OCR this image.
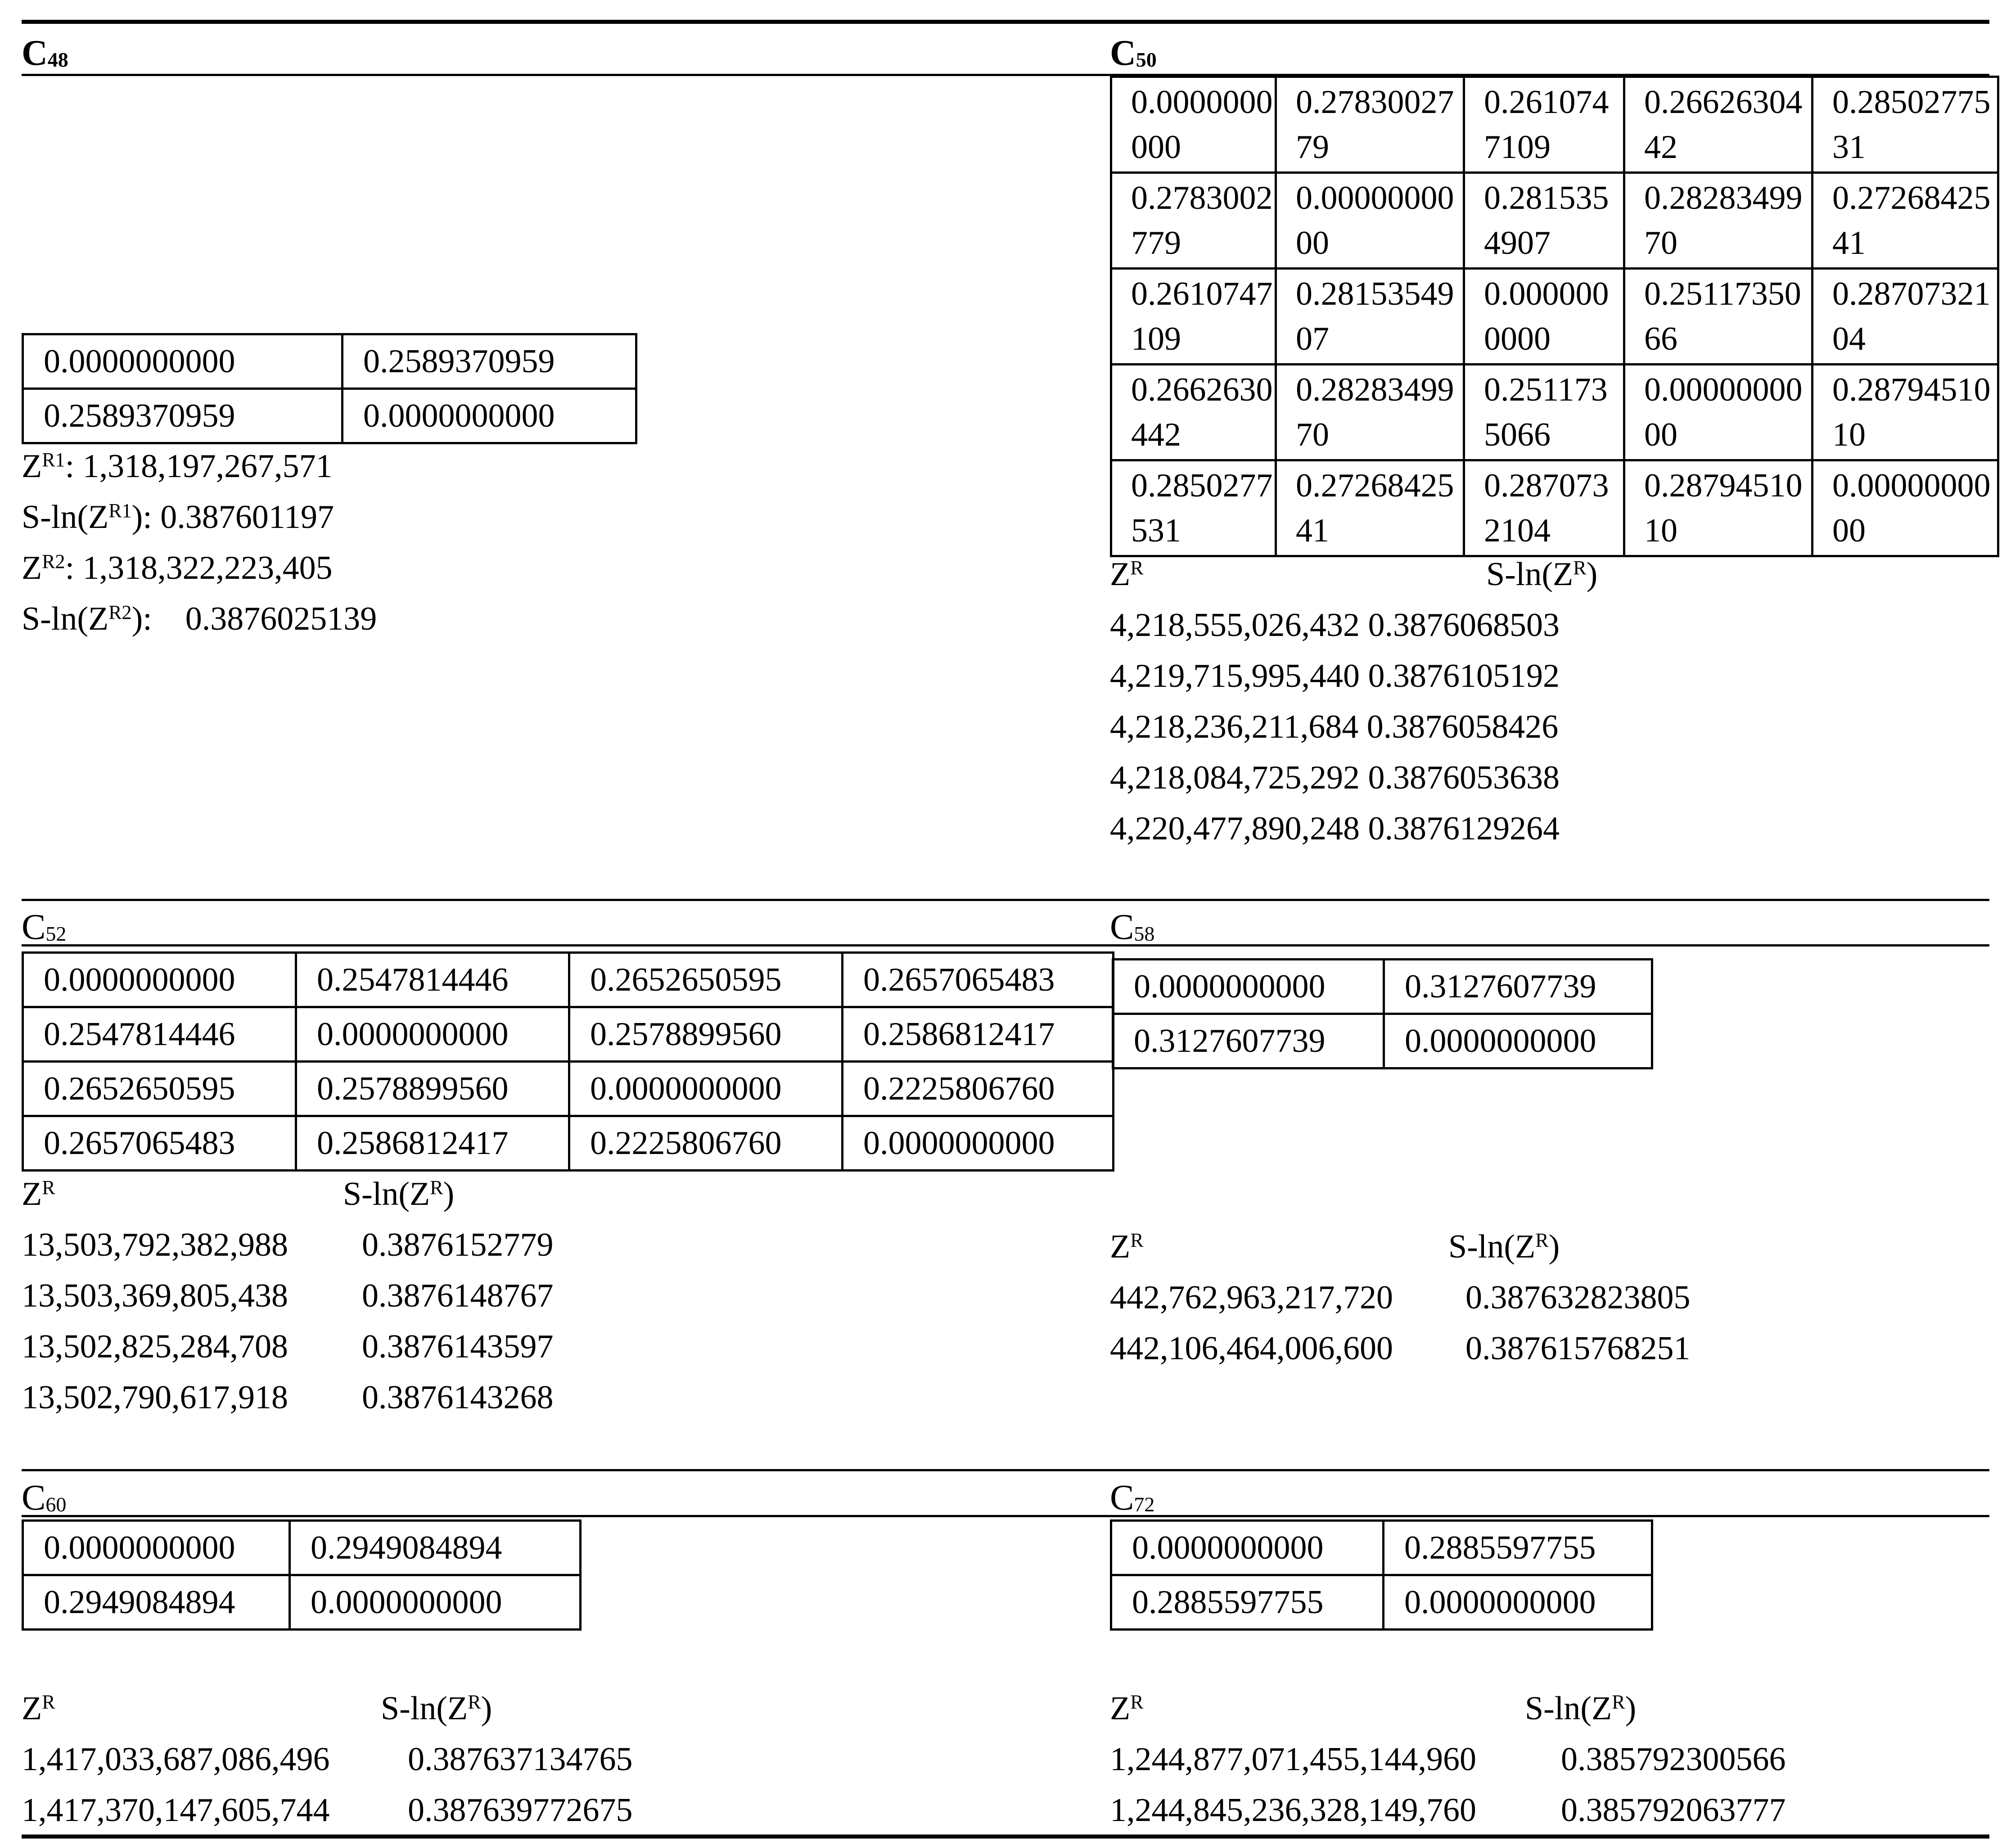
C48
0.0000000000	0.2589370959
0.2589370959	0.0000000000
$Z^{R1}$: 1,318,197,267,571
$S-\ln(Z^{R1})$: 0.387601197
$Z^{R2}$: 1,318,322,223,405
$S-\ln(Z^{R2})$:    0.3876025139
C50
0.0000000000	0.2783002779	0.2610747109	0.2662630442	0.2850277531
0.2783002779	0.0000000000	0.2815354907	0.2828349970	0.2726842541
0.2610747109	0.2815354907	0.0000000000	0.2511735066	0.2870732104
0.2662630442	0.2828349970	0.2511735066	0.0000000000	0.2879451010
0.2850277531	0.2726842541	0.2870732104	0.2879451010	0.0000000000
$Z^R$	$S-\ln(Z^R)$
4,218,555,026,432 0.3876068503
4,219,715,995,440 0.3876105192
4,218,236,211,684 0.3876058426
4,218,084,725,292 0.3876053638
4,220,477,890,248 0.3876129264
C52
0.0000000000	0.2547814446	0.2652650595	0.2657065483
0.2547814446	0.0000000000	0.2578899560	0.2586812417
0.2652650595	0.2578899560	0.0000000000	0.2225806760
0.2657065483	0.2586812417	0.2225806760	0.0000000000
$Z^R$	$S-\ln(Z^R)$
13,503,792,382,988 0.3876152779
13,503,369,805,438 0.3876148767
13,502,825,284,708 0.3876143597
13,502,790,617,918 0.3876143268
C58
0.0000000000	0.3127607739
0.3127607739	0.0000000000
$Z^R$	$S-\ln(Z^R)$
442,762,963,217,720 0.387632823805
442,106,464,006,600 0.387615768251
C60
0.0000000000	0.2949084894
0.2949084894	0.0000000000
$Z^R$	$S-\ln(Z^R)$
1,417,033,687,086,496 0.387637134765
1,417,370,147,605,744 0.387639772675
C72
0.0000000000	0.2885597755
0.2885597755	0.0000000000
$Z^R$	$S-\ln(Z^R)$
1,244,877,071,455,144,960	0.385792300566
1,244,845,236,328,149,760	0.385792063777
